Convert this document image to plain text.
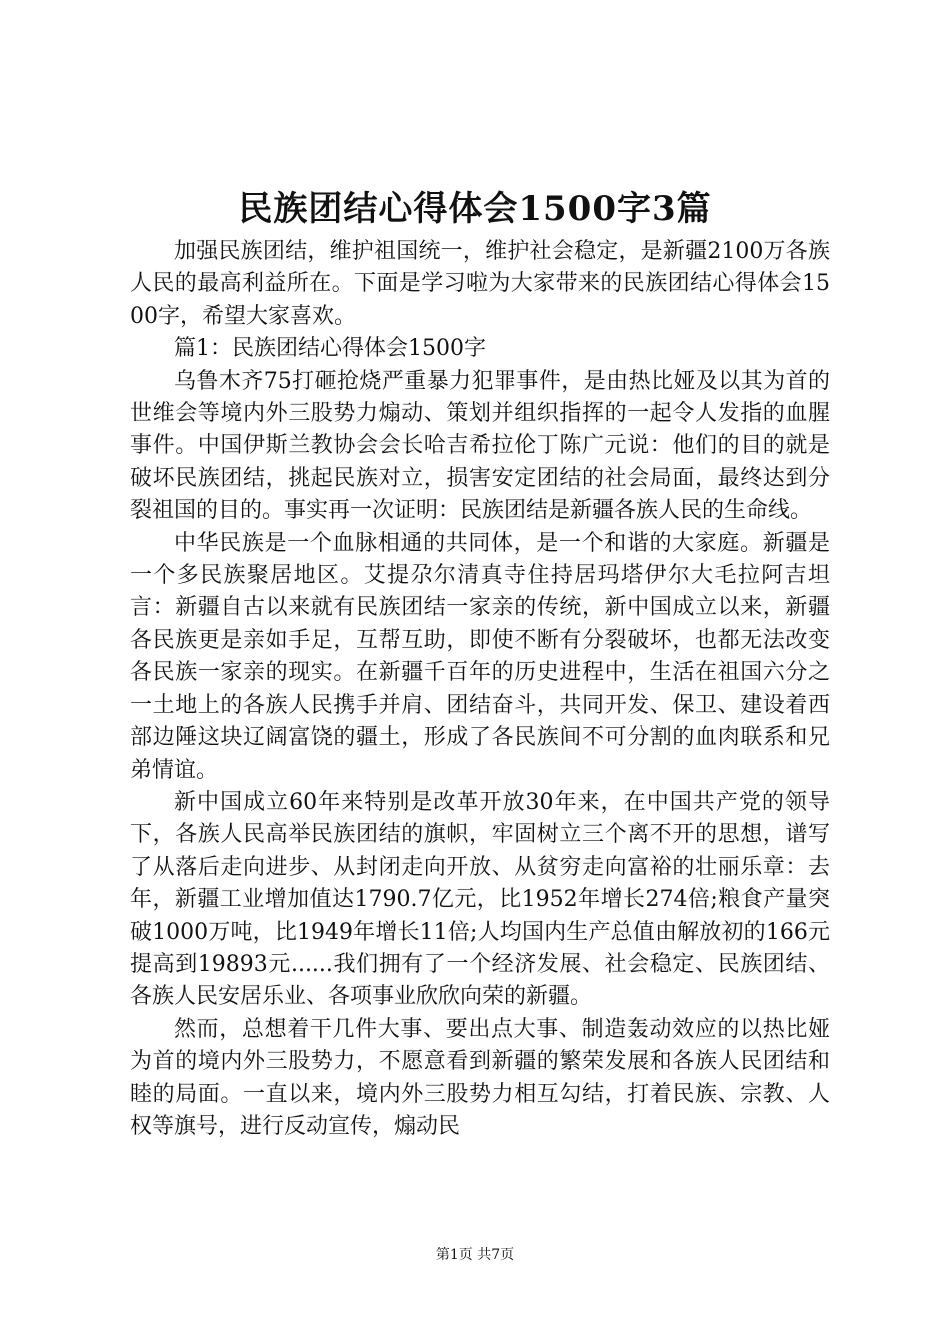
民族团结心得体会1500字3篇

加强民族团结，维护祖国统一，维护社会稳定，是新疆2100万各族人民的最高利益所在。下面是学习啦为大家带来的民族团结心得体会1500字，希望大家喜欢。

篇1：民族团结心得体会1500字

乌鲁木齐75打砸抢烧严重暴力犯罪事件，是由热比娅及以其为首的世维会等境内外三股势力煽动、策划并组织指挥的一起令人发指的血腥事件。中国伊斯兰教协会会长哈吉希拉伦丁陈广元说：他们的目的就是破坏民族团结，挑起民族对立，损害安定团结的社会局面，最终达到分裂祖国的目的。事实再一次证明：民族团结是新疆各族人民的生命线。

中华民族是一个血脉相通的共同体，是一个和谐的大家庭。新疆是一个多民族聚居地区。艾提尕尔清真寺住持居玛塔伊尔大毛拉阿吉坦言：新疆自古以来就有民族团结一家亲的传统，新中国成立以来，新疆各民族更是亲如手足，互帮互助，即使不断有分裂破坏，也都无法改变各民族一家亲的现实。在新疆千百年的历史进程中，生活在祖国六分之一土地上的各族人民携手并肩、团结奋斗，共同开发、保卫、建设着西部边陲这块辽阔富饶的疆土，形成了各民族间不可分割的血肉联系和兄弟情谊。

新中国成立60年来特别是改革开放30年来，在中国共产党的领导下，各族人民高举民族团结的旗帜，牢固树立三个离不开的思想，谱写了从落后走向进步、从封闭走向开放、从贫穷走向富裕的壮丽乐章：去年，新疆工业增加值达1790.7亿元，比1952年增长274倍;粮食产量突破1000万吨，比1949年增长11倍;人均国内生产总值由解放初的166元提高到19893元......我们拥有了一个经济发展、社会稳定、民族团结、各族人民安居乐业、各项事业欣欣向荣的新疆。

然而，总想着干几件大事、要出点大事、制造轰动效应的以热比娅为首的境内外三股势力，不愿意看到新疆的繁荣发展和各族人民团结和睦的局面。一直以来，境内外三股势力相互勾结，打着民族、宗教、人权等旗号，进行反动宣传，煽动民

第1页 共7页
